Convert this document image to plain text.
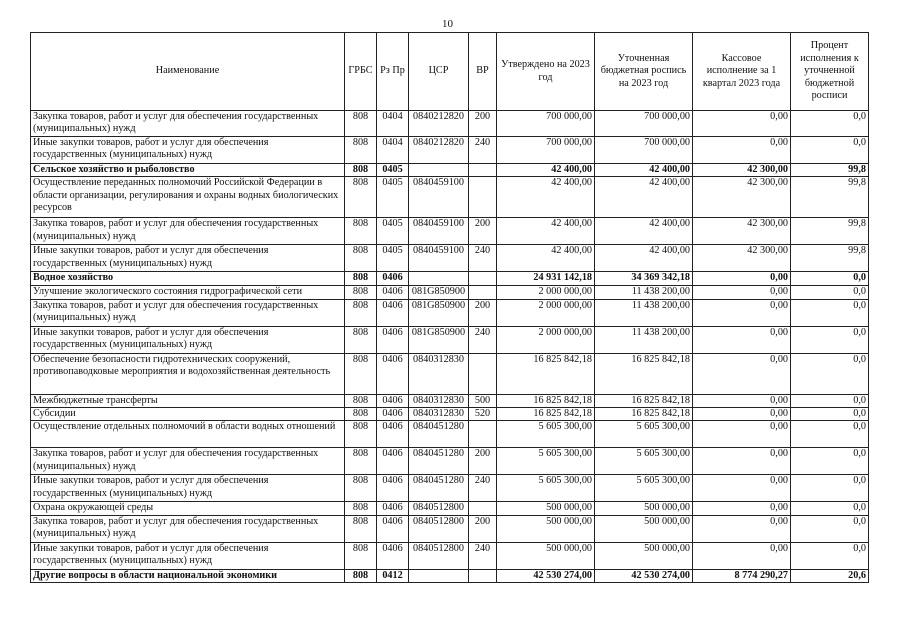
10
Наименование	ГРБС	Рз Пр	ЦСР	ВР	Утверждено на 2023 год	Уточненная бюджетная роспись на 2023 год	Кассовое исполнение за 1 квартал 2023 года	Процент исполнения к уточненной бюджетной росписи
Закупка товаров, работ и услуг для обеспечения государственных (муниципальных) нужд	808	0404	0840212820	200	700 000,00	700 000,00	0,00	0,0
Иные закупки товаров, работ и услуг для обеспечения государственных (муниципальных) нужд	808	0404	0840212820	240	700 000,00	700 000,00	0,00	0,0
Сельское хозяйство и рыболовство	808	0405			42 400,00	42 400,00	42 300,00	99,8
Осуществление переданных полномочий Российской Федерации в области организации, регулирования и охраны водных биологических ресурсов	808	0405	0840459100		42 400,00	42 400,00	42 300,00	99,8
Закупка товаров, работ и услуг для обеспечения государственных (муниципальных) нужд	808	0405	0840459100	200	42 400,00	42 400,00	42 300,00	99,8
Иные закупки товаров, работ и услуг для обеспечения государственных (муниципальных) нужд	808	0405	0840459100	240	42 400,00	42 400,00	42 300,00	99,8
Водное хозяйство	808	0406			24 931 142,18	34 369 342,18	0,00	0,0
Улучшение экологического состояния гидрографической сети	808	0406	081G850900		2 000 000,00	11 438 200,00	0,00	0,0
Закупка товаров, работ и услуг для обеспечения государственных (муниципальных) нужд	808	0406	081G850900	200	2 000 000,00	11 438 200,00	0,00	0,0
Иные закупки товаров, работ и услуг для обеспечения государственных (муниципальных) нужд	808	0406	081G850900	240	2 000 000,00	11 438 200,00	0,00	0,0
Обеспечение безопасности гидротехнических сооружений, противопаводковые мероприятия и водохозяйственная деятельность	808	0406	0840312830		16 825 842,18	16 825 842,18	0,00	0,0
Межбюджетные трансферты	808	0406	0840312830	500	16 825 842,18	16 825 842,18	0,00	0,0
Субсидии	808	0406	0840312830	520	16 825 842,18	16 825 842,18	0,00	0,0
Осуществление отдельных полномочий в области водных отношений	808	0406	0840451280		5 605 300,00	5 605 300,00	0,00	0,0
Закупка товаров, работ и услуг для обеспечения государственных (муниципальных) нужд	808	0406	0840451280	200	5 605 300,00	5 605 300,00	0,00	0,0
Иные закупки товаров, работ и услуг для обеспечения государственных (муниципальных) нужд	808	0406	0840451280	240	5 605 300,00	5 605 300,00	0,00	0,0
Охрана окружающей среды	808	0406	0840512800		500 000,00	500 000,00	0,00	0,0
Закупка товаров, работ и услуг для обеспечения государственных (муниципальных) нужд	808	0406	0840512800	200	500 000,00	500 000,00	0,00	0,0
Иные закупки товаров, работ и услуг для обеспечения государственных (муниципальных) нужд	808	0406	0840512800	240	500 000,00	500 000,00	0,00	0,0
Другие вопросы в области национальной экономики	808	0412			42 530 274,00	42 530 274,00	8 774 290,27	20,6
